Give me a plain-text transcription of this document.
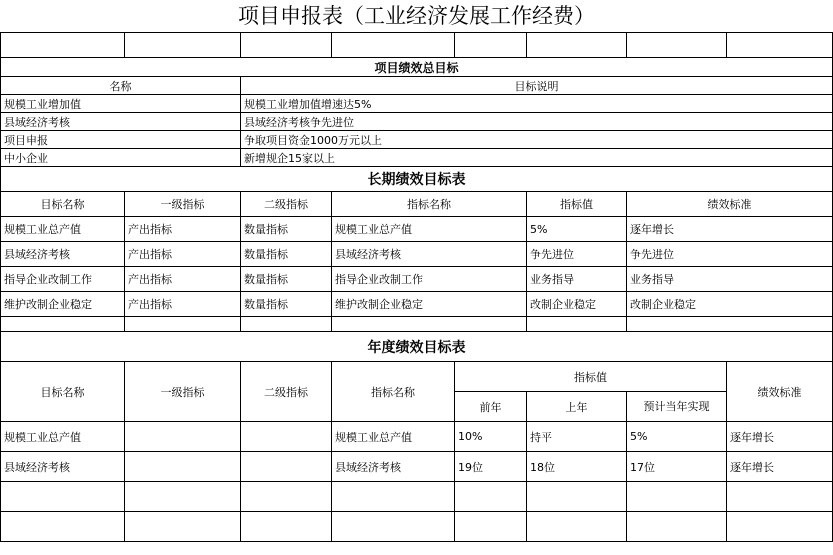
项目申报表（工业经济发展工作经费）

项目绩效总目标							
名称		目标说明					
规模工业增加值		规模工业增加值增速达5%					
县域经济考核		县域经济考核争先进位					
项目申报		争取项目资金1000万元以上					
中小企业		新增规企15家以上					
长期绩效目标表							
目标名称	一级指标	二级指标	指标名称		指标值	绩效标准	
规模工业总产值	产出指标	数量指标	规模工业总产值		5%	逐年增长	
县域经济考核	产出指标	数量指标	县域经济考核		争先进位	争先进位	
指导企业改制工作	产出指标	数量指标	指导企业改制工作		业务指导	业务指导	
维护改制企业稳定	产出指标	数量指标	维护改制企业稳定		改制企业稳定	改制企业稳定	

年度绩效目标表							
目标名称	一级指标	二级指标	指标名称	指标值			绩效标准
				前年	上年	预计当年实现	
规模工业总产值			规模工业总产值	10%	持平	5%	逐年增长
县域经济考核			县域经济考核	19位	18位	17位	逐年增长
